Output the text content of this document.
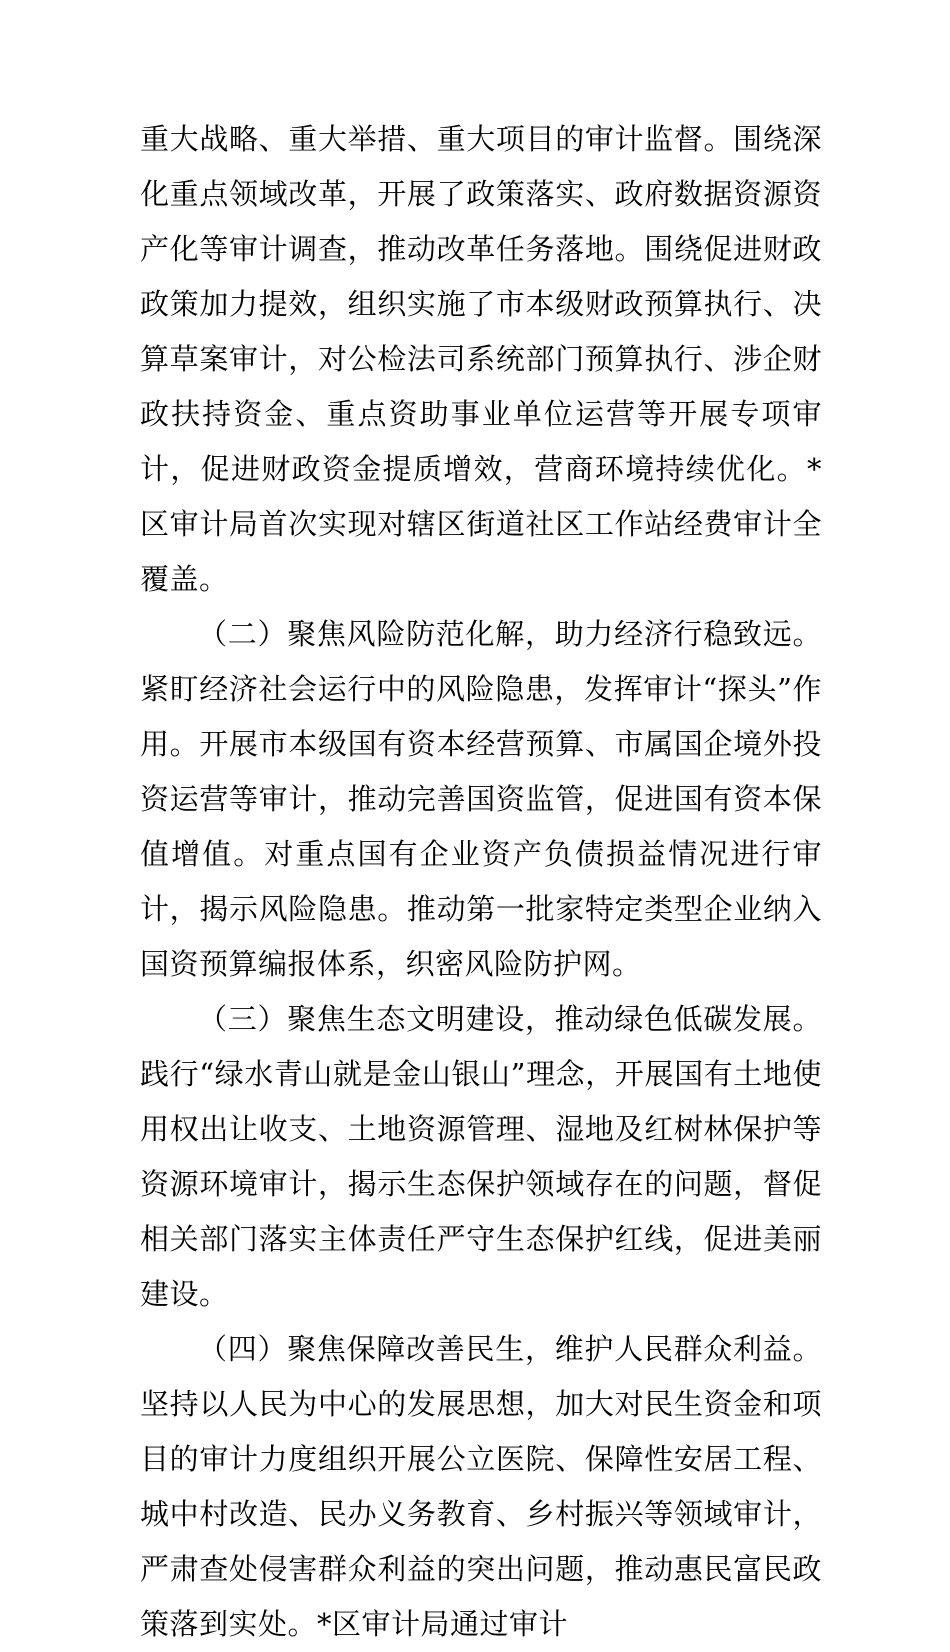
重大战略、重大举措、重大项目的审计监督。围绕深化重点领域改革，开展了政策落实、政府数据资源资产化等审计调查，推动改革任务落地。围绕促进财政政策加力提效，组织实施了市本级财政预算执行、决算草案审计，对公检法司系统部门预算执行、涉企财政扶持资金、重点资助事业单位运营等开展专项审计，促进财政资金提质增效，营商环境持续优化。*区审计局首次实现对辖区街道社区工作站经费审计全覆盖。

（二）聚焦风险防范化解，助力经济行稳致远。紧盯经济社会运行中的风险隐患，发挥审计“探头”作用。开展市本级国有资本经营预算、市属国企境外投资运营等审计，推动完善国资监管，促进国有资本保值增值。对重点国有企业资产负债损益情况进行审计，揭示风险隐患。推动第一批家特定类型企业纳入国资预算编报体系，织密风险防护网。

（三）聚焦生态文明建设，推动绿色低碳发展。践行“绿水青山就是金山银山”理念，开展国有土地使用权出让收支、土地资源管理、湿地及红树林保护等资源环境审计，揭示生态保护领域存在的问题，督促相关部门落实主体责任严守生态保护红线，促进美丽建设。

（四）聚焦保障改善民生，维护人民群众利益。坚持以人民为中心的发展思想，加大对民生资金和项目的审计力度组织开展公立医院、保障性安居工程、城中村改造、民办义务教育、乡村振兴等领域审计，严肃查处侵害群众利益的突出问题，推动惠民富民政策落到实处。*区审计局通过审计
